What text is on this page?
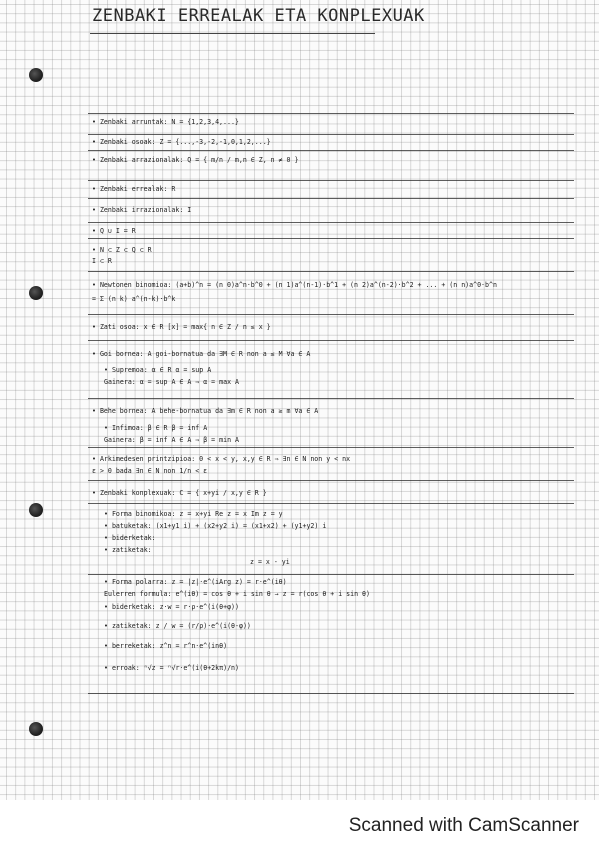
ZENBAKI ERREALAK ETA KONPLEXUAK
• Zenbaki arruntak: N = {1,2,3,4,...}
• Zenbaki osoak: Z = {...,-3,-2,-1,0,1,2,...}
• Zenbaki arrazionalak: Q = { m/n / m,n ∈ Z, n ≠ 0 }
• Zenbaki errealak: R
• Zenbaki irrazionalak: I
• Q ∪ I = R
• N ⊂ Z ⊂ Q ⊂ R
I ⊂ R
• Newtonen binomioa: (a+b)^n = (n 0)a^n·b^0 + (n 1)a^(n-1)·b^1 + (n 2)a^(n-2)·b^2 + ... + (n n)a^0·b^n
= Σ (n k) a^(n-k)·b^k
• Zati osoa: x ∈ R [x] = max{ n ∈ Z / n ≤ x }
• Goi bornea: A goi-bornatua da ∃M ∈ R non a ≤ M ∀a ∈ A
• Supremoa: α ∈ R α = sup A
Gainera: α = sup A ∈ A ⇒ α = max A
• Behe bornea: A behe-bornatua da ∃m ∈ R non a ≥ m ∀a ∈ A
• Infimoa: β ∈ R β = inf A
Gainera: β = inf A ∈ A ⇒ β = min A
• Arkimedesen printzipioa: 0 < x < y, x,y ∈ R ⇒ ∃n ∈ N non y < nx
ε > 0 bada ∃n ∈ N non 1/n < ε
• Zenbaki konplexuak: C = { x+yi / x,y ∈ R }
• Forma binomikoa: z = x+yi Re z = x Im z = y
• batuketak: (x1+y1 i) + (x2+y2 i) = (x1+x2) + (y1+y2) i
• biderketak:
• zatiketak:
z = x - yi
• Forma polarra: z = |z|·e^(iArg z) = r·e^(iθ)
Eulerren formula: e^(iθ) = cos θ + i sin θ → z = r(cos θ + i sin θ)
• biderketak: z·w = r·ρ·e^(i(θ+φ))
• zatiketak: z / w = (r/ρ)·e^(i(θ-φ))
• berreketak: z^n = r^n·e^(inθ)
• erroak: ⁿ√z = ⁿ√r·e^(i(θ+2kπ)/n)
Scanned with CamScanner
